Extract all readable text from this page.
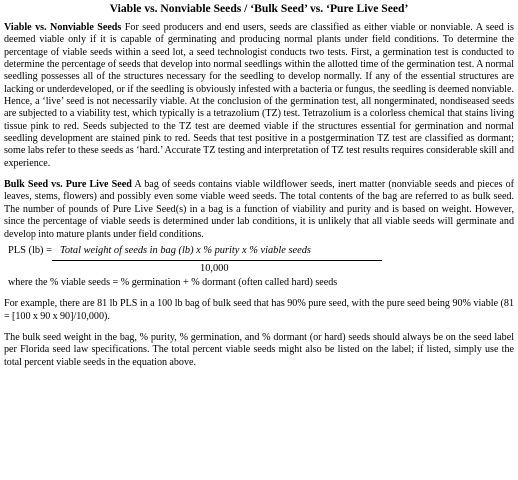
Viable vs. Nonviable Seeds / ‘Bulk Seed’ vs. ‘Pure Live Seed’

Viable vs. Nonviable Seeds For seed producers and end users, seeds are classified as either viable or nonviable. A seed is deemed viable only if it is capable of germinating and producing normal plants under field conditions. To determine the percentage of viable seeds within a seed lot, a seed technologist conducts two tests. First, a germination test is conducted to determine the percentage of seeds that develop into normal seedlings within the allotted time of the germination test. A normal seedling possesses all of the structures necessary for the seedling to develop normally. If any of the essential structures are lacking or underdeveloped, or if the seedling is obviously infested with a bacteria or fungus, the seedling is deemed nonviable. Hence, a ‘live’ seed is not necessarily viable. At the conclusion of the germination test, all nongerminated, nondiseased seeds are subjected to a viability test, which typically is a tetrazolium (TZ) test. Tetrazolium is a colorless chemical that stains living tissue pink to red. Seeds subjected to the TZ test are deemed viable if the structures essential for germination and normal seedling development are stained pink to red. Seeds that test positive in a postgermination TZ test are classified as dormant; some labs refer to these seeds as ‘hard.’ Accurate TZ testing and interpretation of TZ test results requires considerable skill and experience.

Bulk Seed vs. Pure Live Seed A bag of seeds contains viable wildflower seeds, inert matter (nonviable seeds and pieces of leaves, stems, flowers) and possibly even some viable weed seeds. The total contents of the bag are referred to as bulk seed. The number of pounds of Pure Live Seed(s) in a bag is a function of viability and purity and is based on weight. However, since the percentage of viable seeds is determined under lab conditions, it is unlikely that all viable seeds will germinate and develop into mature plants under field conditions.

PLS (lb) = Total weight of seeds in bag (lb) x % purity x % viable seeds
10,000
where the % viable seeds = % germination + % dormant (often called hard) seeds

For example, there are 81 lb PLS in a 100 lb bag of bulk seed that has 90% pure seed, with the pure seed being 90% viable (81 = [100 x 90 x 90]/10,000).

The bulk seed weight in the bag, % purity, % germination, and % dormant (or hard) seeds should always be on the seed label per Florida seed law specifications. The total percent viable seeds might also be listed on the label; if listed, simply use the total percent viable seeds in the equation above.
